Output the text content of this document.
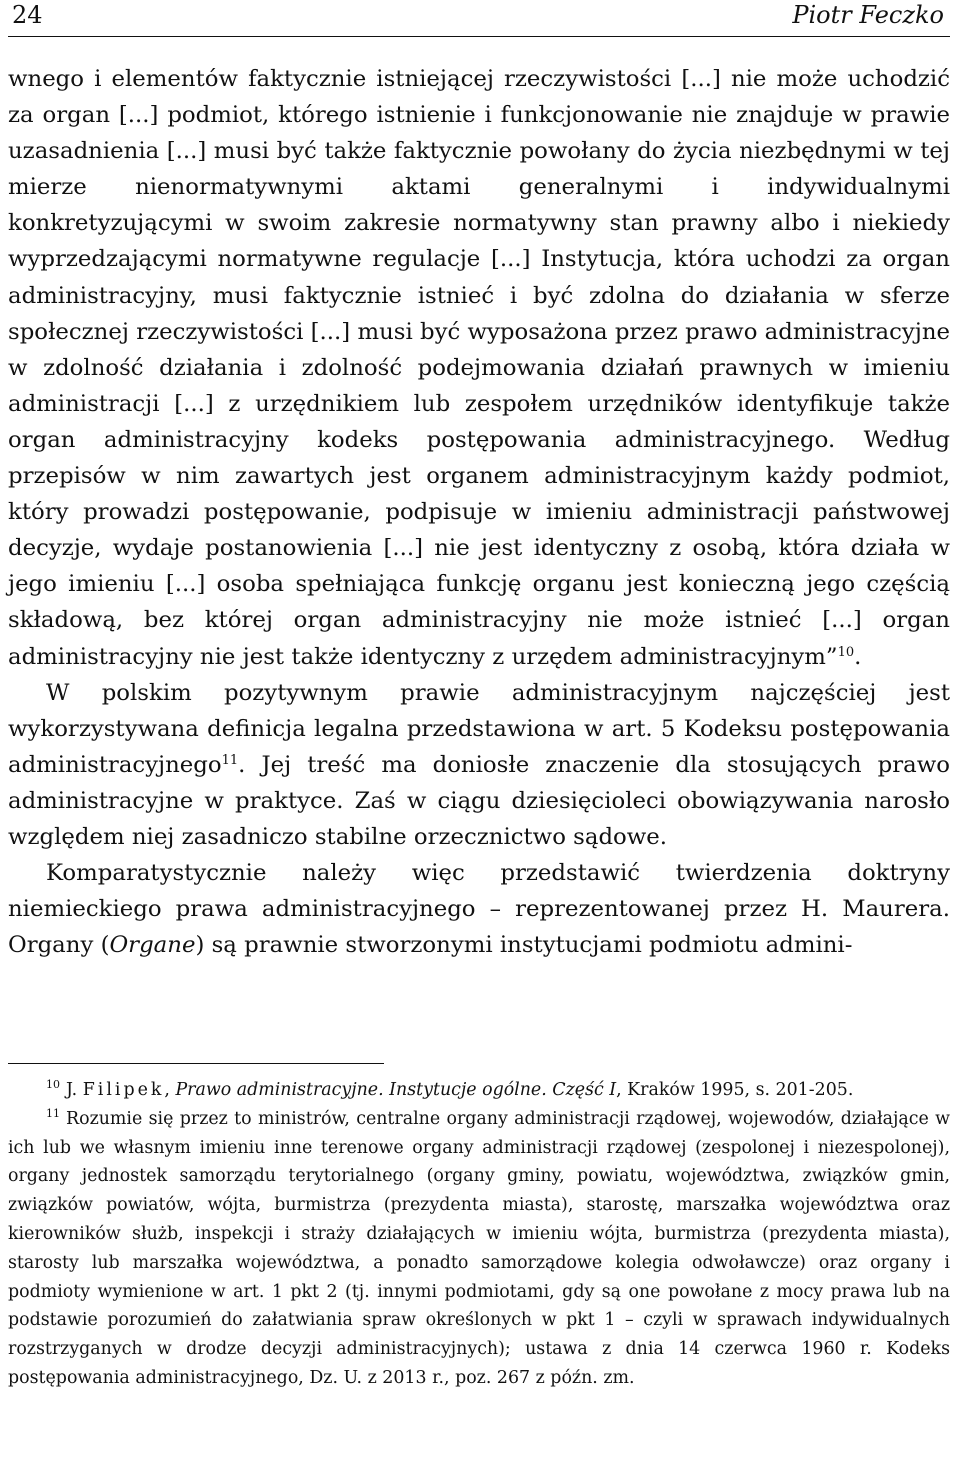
24	Piotr Feczko

wnego i elementów faktycznie istniejącej rzeczywistości [...] nie może uchodzić za organ [...] podmiot, którego istnienie i funkcjonowanie nie znajduje w prawie uzasadnienia [...] musi być także faktycznie powołany do życia niezbędnymi w tej mierze nienormatywnymi aktami generalnymi i indywidualnymi konkretyzującymi w swoim zakresie normatywny stan prawny albo i niekiedy wyprzedzającymi normatywne regulacje [...] Instytucja, która uchodzi za organ administracyjny, musi faktycznie istnieć i być zdolna do działania w sferze społecznej rzeczywistości [...] musi być wyposażona przez prawo administracyjne w zdolność działania i zdolność podejmowania działań prawnych w imieniu administracji [...] z urzędnikiem lub zespołem urzędników identyfikuje także organ administracyjny kodeks postępowania administracyjnego. Według przepisów w nim zawartych jest organem administracyjnym każdy podmiot, który prowadzi postępowanie, podpisuje w imieniu administracji państwowej decyzje, wydaje postanowienia [...] nie jest identyczny z osobą, która działa w jego imieniu [...] osoba spełniająca funkcję organu jest konieczną jego częścią składową, bez której organ administracyjny nie może istnieć [...] organ administracyjny nie jest także identyczny z urzędem administracyjnym”$^{10}$.

W polskim pozytywnym prawie administracyjnym najczęściej jest wykorzystywana definicja legalna przedstawiona w art. 5 Kodeksu postępowania administracyjnego$^{11}$. Jej treść ma doniosłe znaczenie dla stosujących prawo administracyjne w praktyce. Zaś w ciągu dziesięcioleci obowiązywania narosło względem niej zasadniczo stabilne orzecznictwo sądowe.

Komparatystycznie należy więc przedstawić twierdzenia doktryny niemieckiego prawa administracyjnego – reprezentowanej przez H. Maurera. Organy (Organe) są prawnie stworzonymi instytucjami podmiotu admini-

$^{10}$ J. Filipek, Prawo administracyjne. Instytucje ogólne. Część I, Kraków 1995, s. 201-205.

$^{11}$ Rozumie się przez to ministrów, centralne organy administracji rządowej, wojewodów, działające w ich lub we własnym imieniu inne terenowe organy administracji rządowej (zespolonej i niezespolonej), organy jednostek samorządu terytorialnego (organy gminy, powiatu, województwa, związków gmin, związków powiatów, wójta, burmistrza (prezydenta miasta), starostę, marszałka województwa oraz kierowników służb, inspekcji i straży działających w imieniu wójta, burmistrza (prezydenta miasta), starosty lub marszałka województwa, a ponadto samorządowe kolegia odwoławcze) oraz organy i podmioty wymienione w art. 1 pkt 2 (tj. innymi podmiotami, gdy są one powołane z mocy prawa lub na podstawie porozumień do załatwiania spraw określonych w pkt 1 – czyli w sprawach indywidualnych rozstrzyganych w drodze decyzji administracyjnych); ustawa z dnia 14 czerwca 1960 r. Kodeks postępowania administracyjnego, Dz. U. z 2013 r., poz. 267 z późn. zm.
